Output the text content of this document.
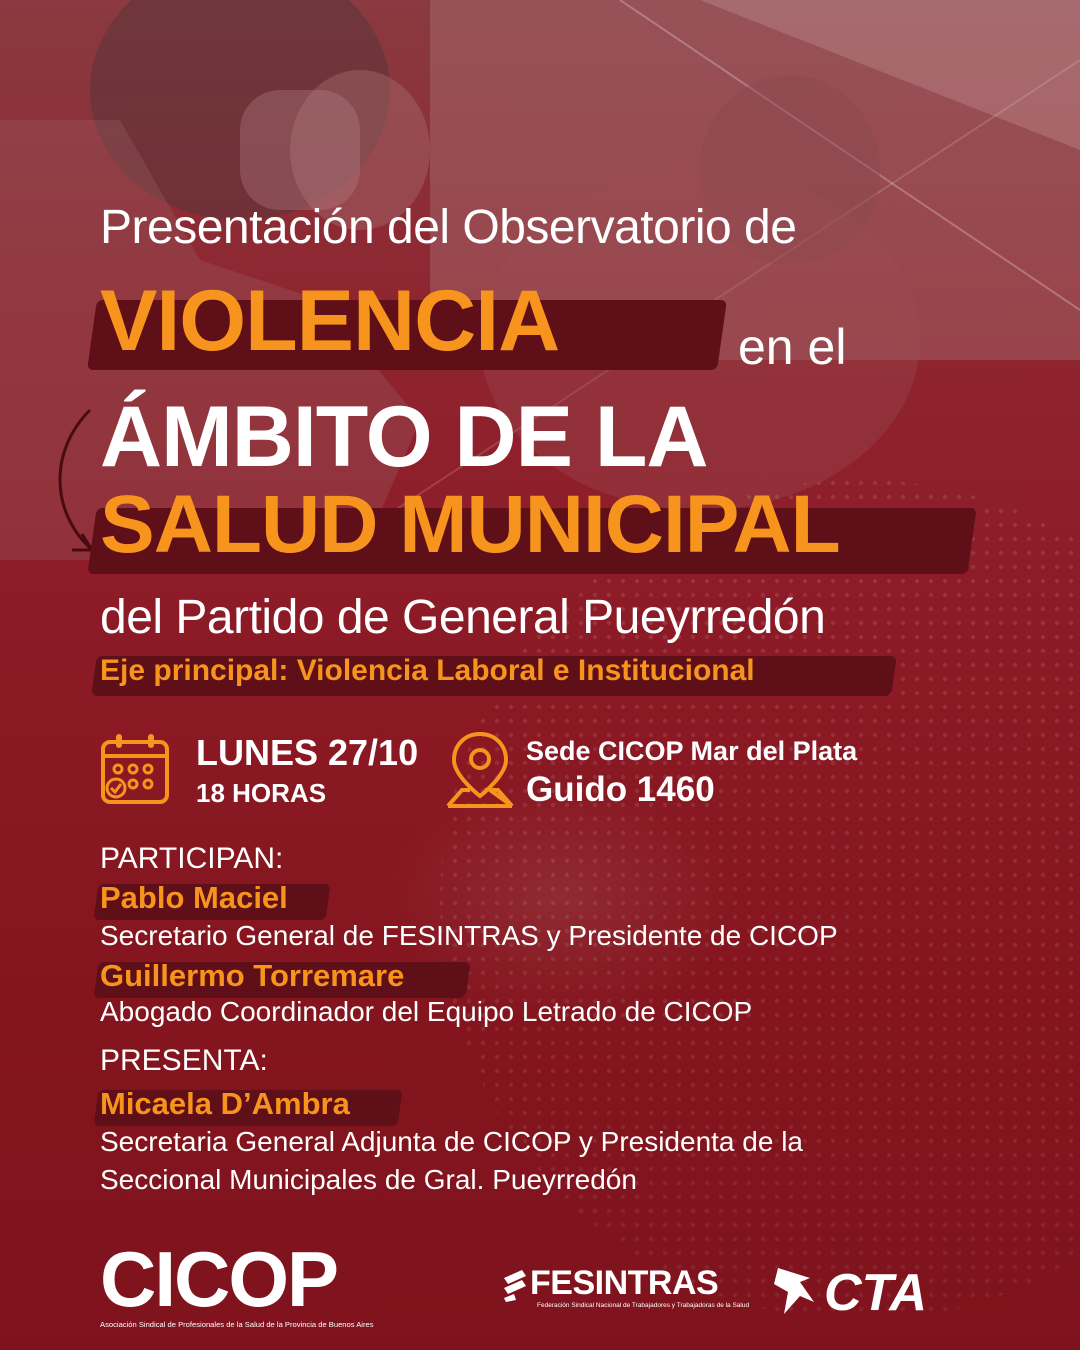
Presentación del Observatorio de
VIOLENCIA	en el
ÁMBITO DE LA
SALUD MUNICIPAL
del Partido de General Pueyrredón
Eje principal: Violencia Laboral e Institucional
LUNES 27/10
18 HORAS
Sede CICOP Mar del Plata
Guido 1460
PARTICIPAN:
Pablo Maciel
Secretario General de FESINTRAS y Presidente de CICOP
Guillermo Torremare
Abogado Coordinador del Equipo Letrado de CICOP
PRESENTA:
Micaela D’Ambra
Secretaria General Adjunta de CICOP y Presidenta de la
Seccional Municipales de Gral. Pueyrredón
CICOP
Asociación Sindical de Profesionales de la Salud de la Provincia de Buenos Aires
FESINTRAS
Federación Sindical Nacional de Trabajadores y Trabajadoras de la Salud CTA
